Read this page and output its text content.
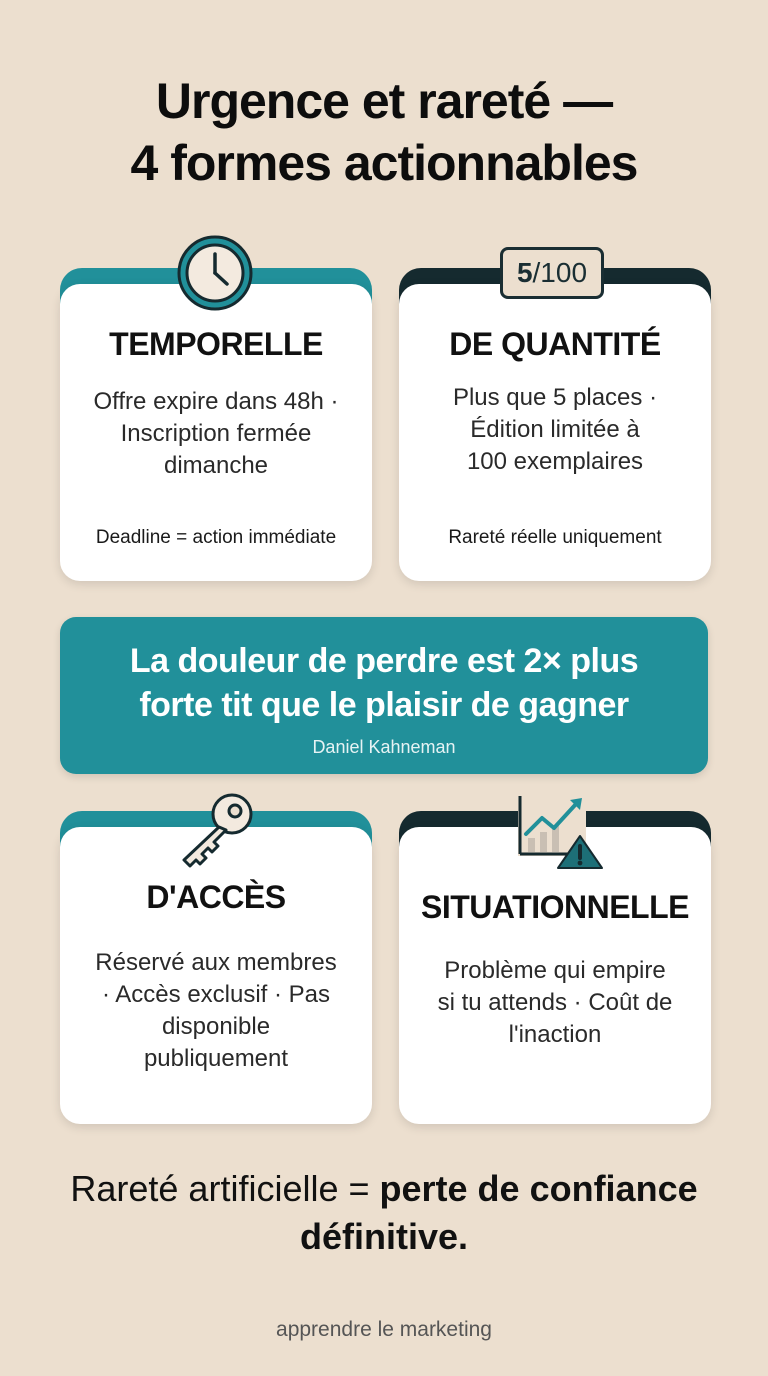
Urgence et rareté —
4 formes actionnables
TEMPORELLE
Offre expire dans 48h ·
Inscription fermée
dimanche
Deadline = action immédiate
DE QUANTITÉ
Plus que 5 places ·
Édition limitée à
100 exemplaires
Rareté réelle uniquement
5/100
La douleur de perdre est 2× plus
forte tit que le plaisir de gagner
Daniel Kahneman
D'ACCÈS
Réservé aux membres
· Accès exclusif · Pas
disponible
publiquement
SITUATIONNELLE
Problème qui empire
si tu attends · Coût de
l'inaction
Rareté artificielle = perte de confiance définitive.
apprendre le marketing
